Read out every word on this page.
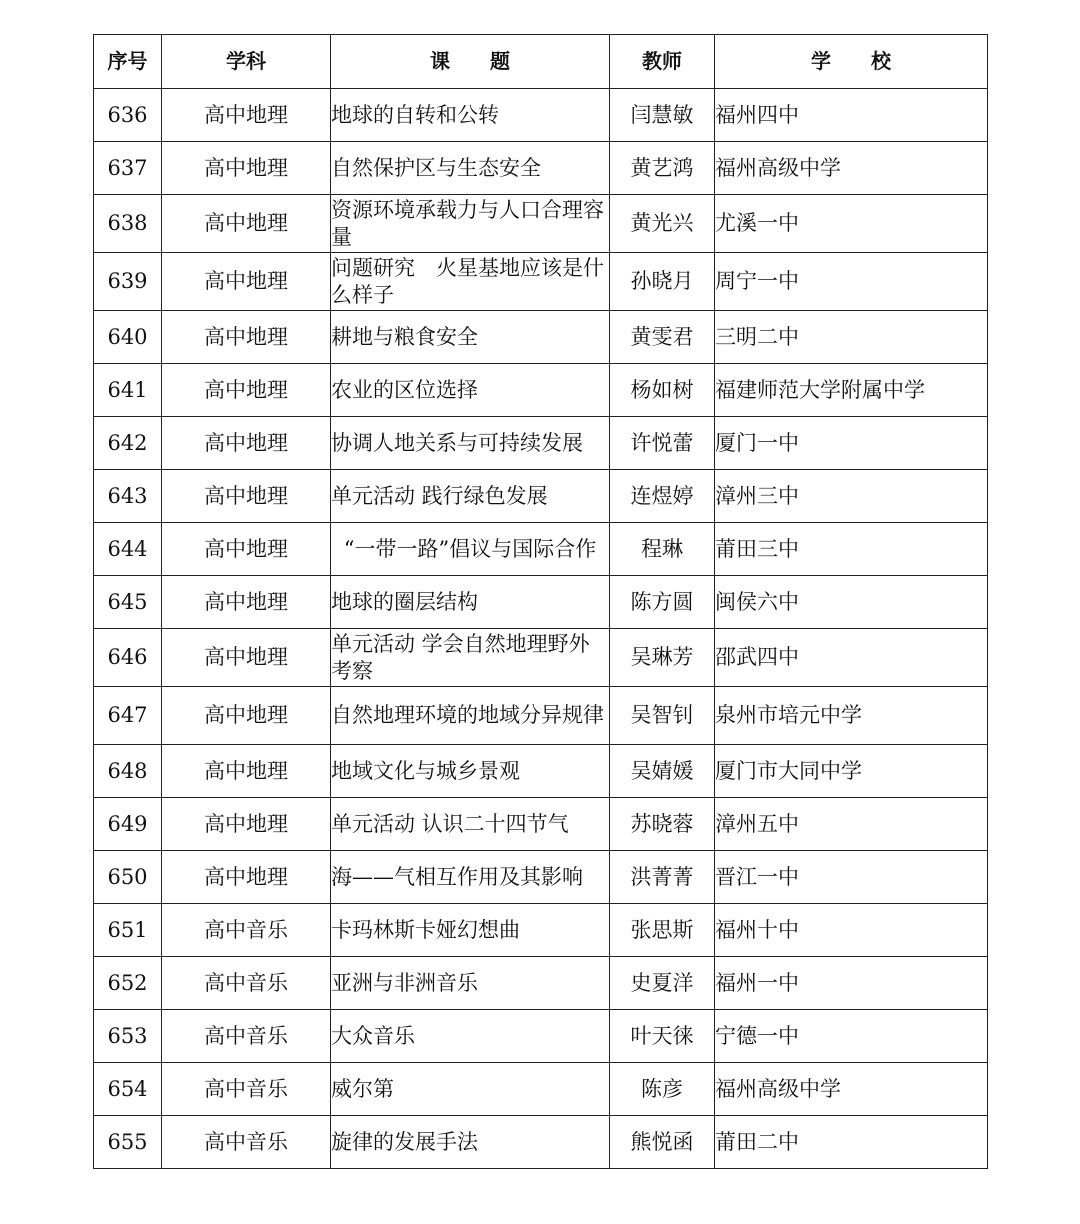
序号	学科	课　　题	教师	学　　校
636	高中地理	地球的自转和公转	闫慧敏	福州四中
637	高中地理	自然保护区与生态安全	黄艺鸿	福州高级中学
638	高中地理	资源环境承载力与人口合理容量	黄光兴	尤溪一中
639	高中地理	问题研究　火星基地应该是什么样子	孙晓月	周宁一中
640	高中地理	耕地与粮食安全	黄雯君	三明二中
641	高中地理	农业的区位选择	杨如树	福建师范大学附属中学
642	高中地理	协调人地关系与可持续发展	许悦蕾	厦门一中
643	高中地理	单元活动 践行绿色发展	连煜婷	漳州三中
644	高中地理	“一带一路”倡议与国际合作	程琳	莆田三中
645	高中地理	地球的圈层结构	陈方圆	闽侯六中
646	高中地理	单元活动 学会自然地理野外考察	吴琳芳	邵武四中
647	高中地理	自然地理环境的地域分异规律	吴智钊	泉州市培元中学
648	高中地理	地域文化与城乡景观	吴婧媛	厦门市大同中学
649	高中地理	单元活动 认识二十四节气	苏晓蓉	漳州五中
650	高中地理	海——气相互作用及其影响	洪菁菁	晋江一中
651	高中音乐	卡玛林斯卡娅幻想曲	张思斯	福州十中
652	高中音乐	亚洲与非洲音乐	史夏洋	福州一中
653	高中音乐	大众音乐	叶天徕	宁德一中
654	高中音乐	威尔第	陈彦	福州高级中学
655	高中音乐	旋律的发展手法	熊悦函	莆田二中
